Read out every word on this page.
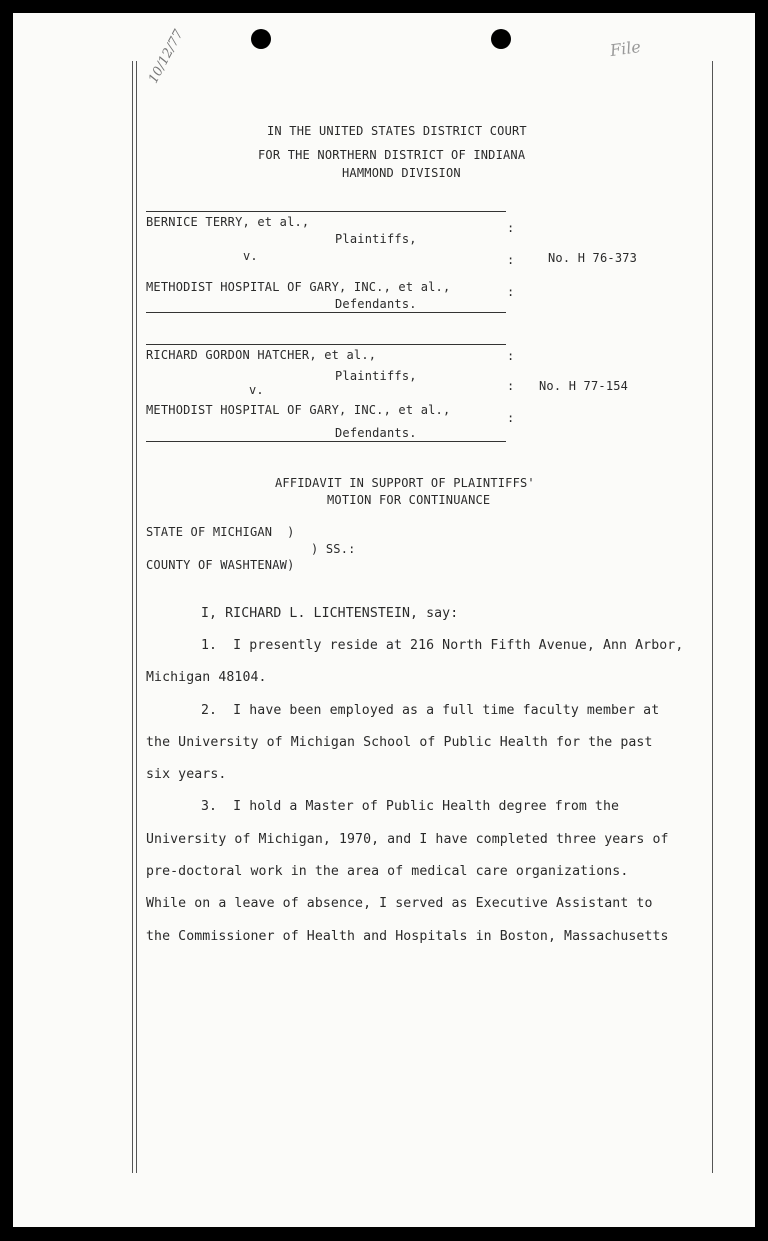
10/12/77	File
IN THE UNITED STATES DISTRICT COURT
FOR THE NORTHERN DISTRICT OF INDIANA
HAMMOND DIVISION
BERNICE TERRY, et al.,
Plaintiffs,
v.
METHODIST HOSPITAL OF GARY, INC., et al.,
Defendants.
:
:
:
No. H 76-373
RICHARD GORDON HATCHER, et al.,
Plaintiffs,
v.
METHODIST HOSPITAL OF GARY, INC., et al.,
Defendants.
:
:
:
No. H 77-154
AFFIDAVIT IN SUPPORT OF PLAINTIFFS'
MOTION FOR CONTINUANCE
STATE OF MICHIGAN  )
) SS.:
COUNTY OF WASHTENAW)
I, RICHARD L. LICHTENSTEIN, say:
1.  I presently reside at 216 North Fifth Avenue, Ann Arbor,
Michigan 48104.
2.  I have been employed as a full time faculty member at
the University of Michigan School of Public Health for the past
six years.
3.  I hold a Master of Public Health degree from the
University of Michigan, 1970, and I have completed three years of
pre-doctoral work in the area of medical care organizations.
While on a leave of absence, I served as Executive Assistant to
the Commissioner of Health and Hospitals in Boston, Massachusetts
